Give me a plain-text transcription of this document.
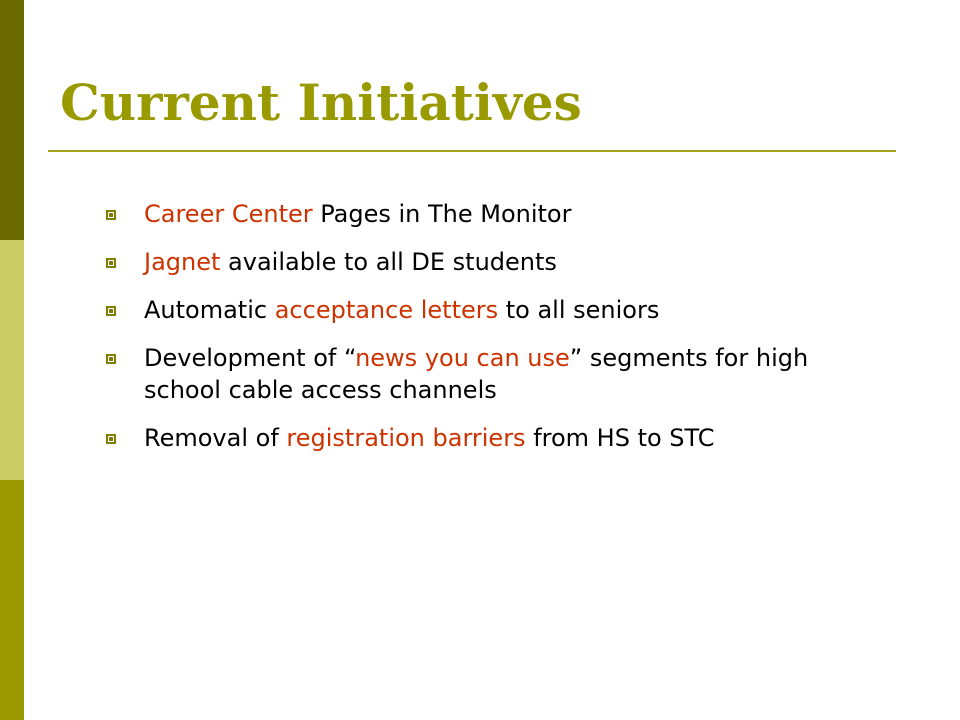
Current Initiatives
Career Center Pages in The Monitor
Jagnet available to all DE students
Automatic acceptance letters to all seniors
Development of “news you can use” segments for high school cable access channels
Removal of registration barriers from HS to STC
